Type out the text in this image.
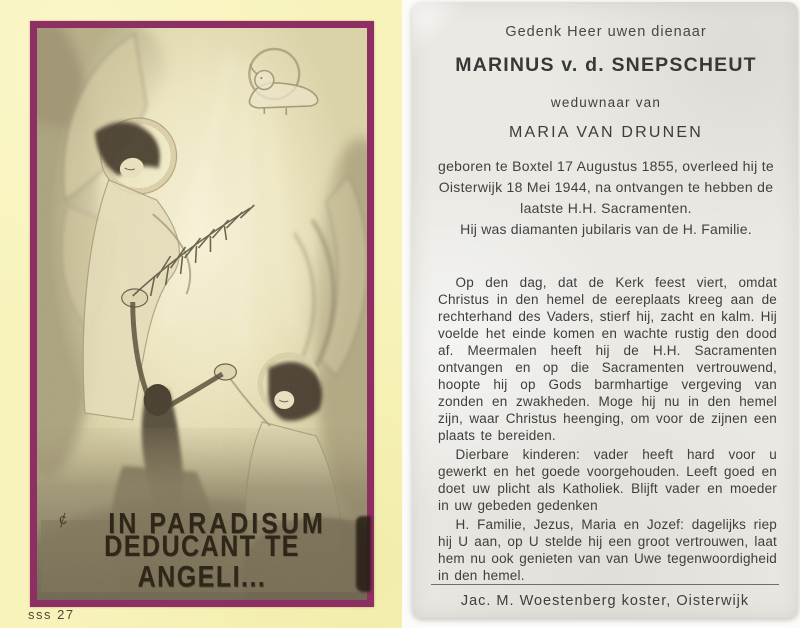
ȼ	IN PARADISUM
DEDUCANT TE ANGELI...
sss 27
Gedenk Heer uwen dienaar
MARINUS v. d. SNEPSCHEUT
weduwnaar van
MARIA VAN DRUNEN
geboren te Boxtel 17 Augustus 1855, overleed hij te Oisterwijk 18 Mei 1944, na ontvangen te hebben de laatste H.H. Sacramenten.
Hij was diamanten jubilaris van de H. Familie.

Op den dag, dat de Kerk feest viert, omdat Christus in den hemel de eereplaats kreeg aan de rechterhand des Vaders, stierf hij, zacht en kalm. Hij voelde het einde komen en wachte rustig den dood af. Meermalen heeft hij de H.H. Sacramenten ontvangen en op die Sacramenten vertrouwend, hoopte hij op Gods barmhartige vergeving van zonden en zwakheden. Moge hij nu in den hemel zijn, waar Christus heenging, om voor de zijnen een plaats te bereiden.

Dierbare kinderen: vader heeft hard voor u gewerkt en het goede voorgehouden. Leeft goed en doet uw plicht als Katholiek. Blijft vader en moeder in uw gebeden gedenken

H. Familie, Jezus, Maria en Jozef: dagelijks riep hij U aan, op U stelde hij een groot vertrouwen, laat hem nu ook genieten van van Uwe tegenwoordigheid in den hemel.

Jac. M. Woestenberg koster, Oisterwijk
